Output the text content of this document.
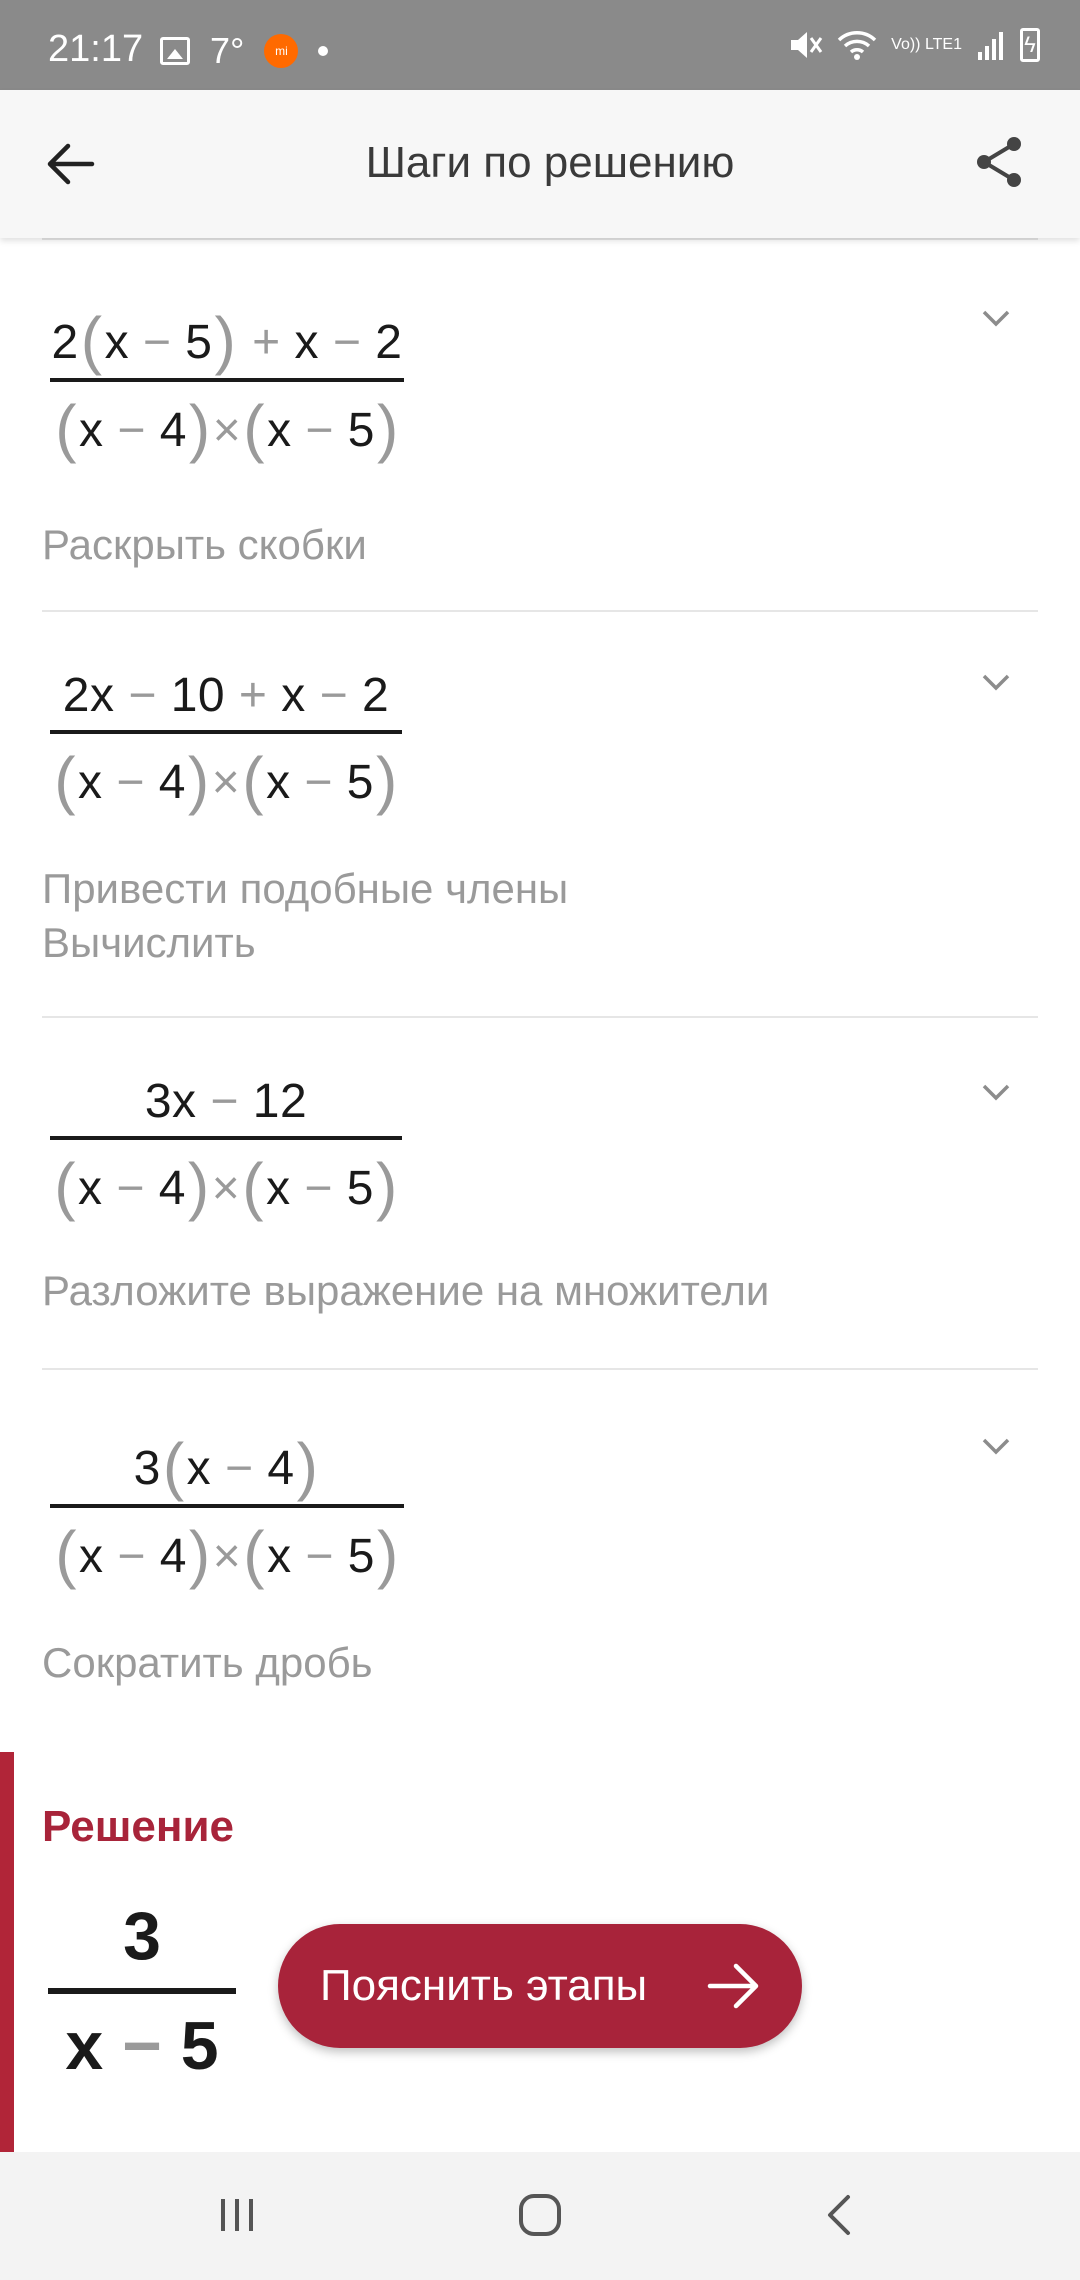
21:17 7°	mi	Vo)) LTE1
ϟ
Шаги по решению
2(x − 5) + x − 2
(x − 4)×(x − 5)
Раскрыть скобки
2x − 10 + x − 2
(x − 4)×(x − 5)
Привести подобные члены
Вычислить
3x − 12
(x − 4)×(x − 5)
Разложите выражение на множители
3(x − 4)
(x − 4)×(x − 5)
Сократить дробь
Решение
3
x − 5
Пояснить этапы
